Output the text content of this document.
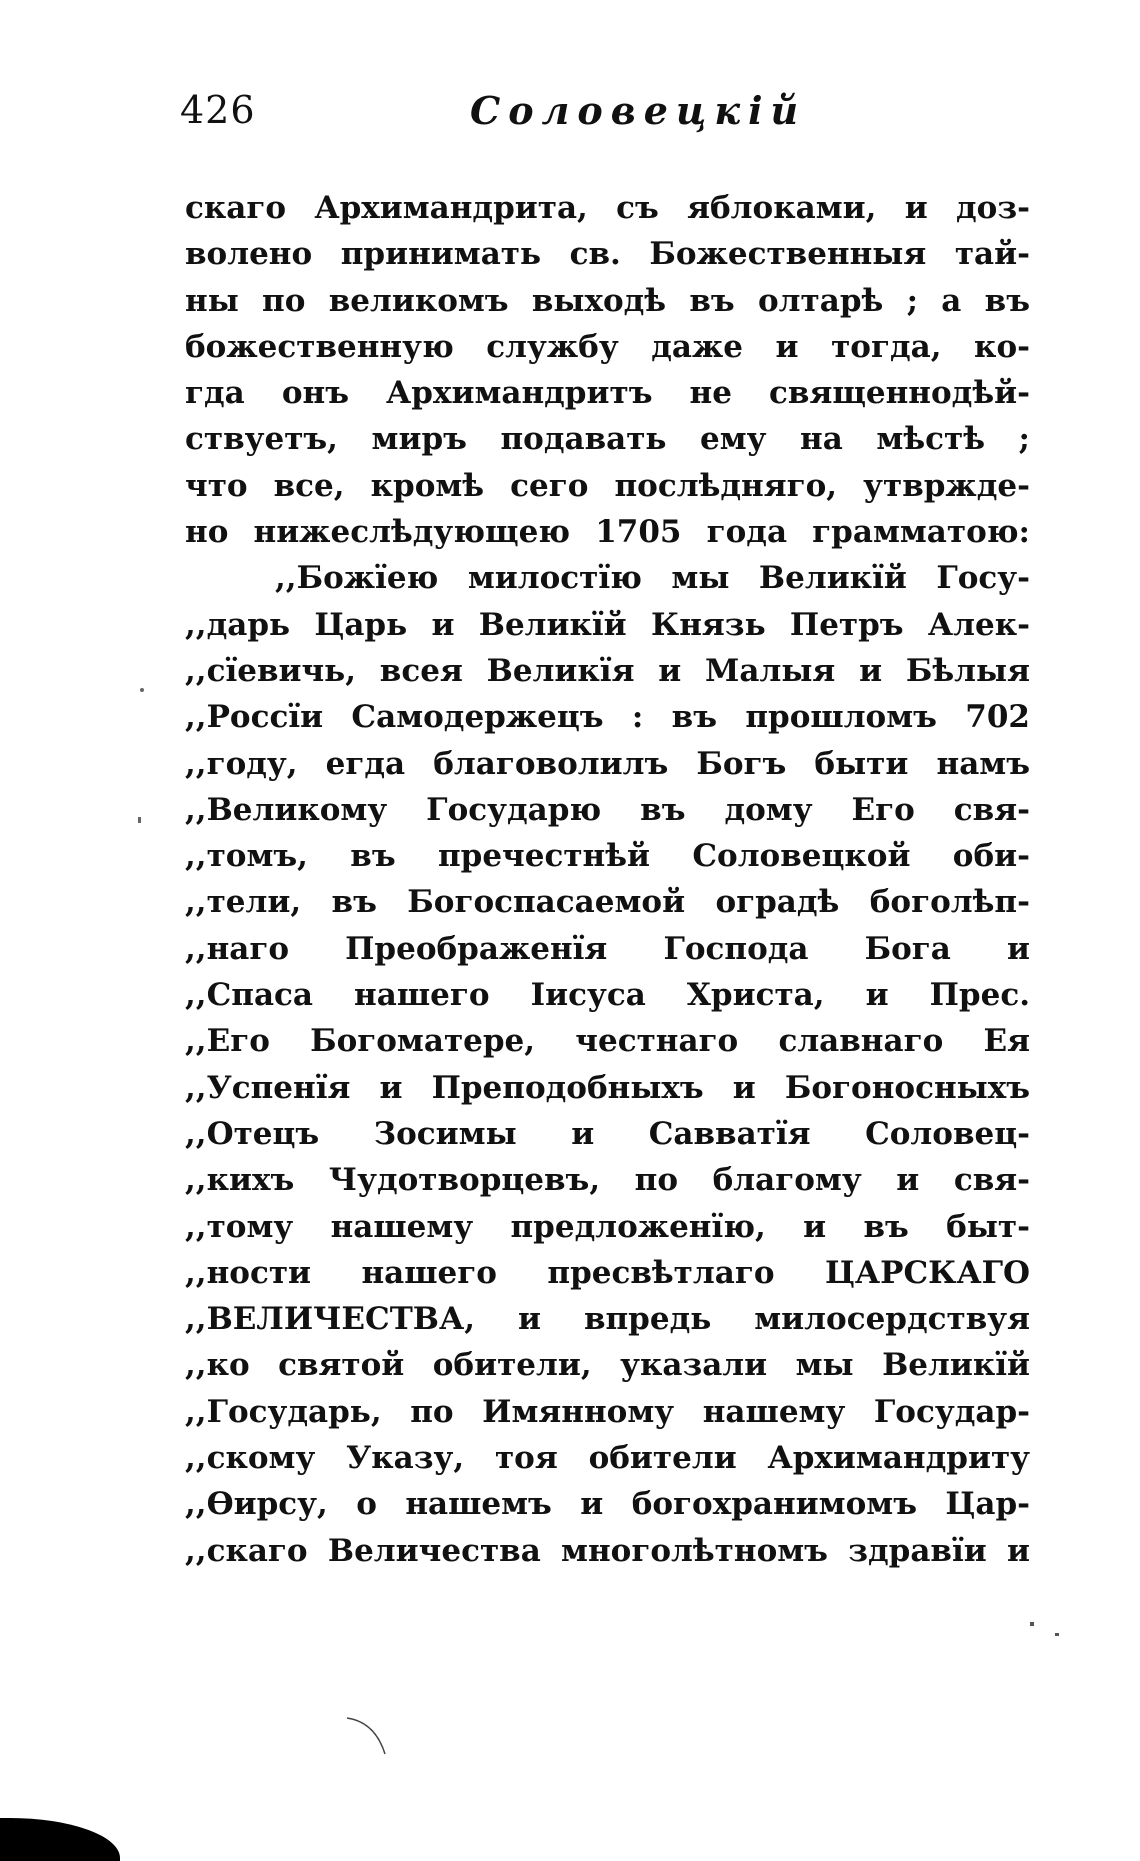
426	Соловецкій
скаго Архимандрита, съ яблоками, и доз-
волено принимать св. Божественныя тай-
ны по великомъ выходѣ въ олтарѣ ; а въ
божественную службу даже и тогда, ко-
гда онъ Архимандритъ не священнодѣй-
ствуетъ, миръ подавать ему на мѣстѣ ;
что все, кромѣ сего послѣдняго, утвржде-
но нижеслѣдующею 1705 года грамматою:
,,Божїею милостїю мы Великїй Госу-
,,дарь Царь и Великїй Князь Петръ Алек-
,,сїевичь, всея Великїя и Малыя и Бѣлыя
,,Россїи Самодержецъ : въ прошломъ 702
,,году, егда благоволилъ Богъ быти намъ
,,Великому Государю въ дому Его свя-
,,томъ, въ пречестнѣй Соловецкой оби-
,,тели, въ Богоспасаемой оградѣ боголѣп-
,,наго Преображенїя Господа Бога и
,,Спаса нашего Іисуса Христа, и Прес.
,,Его Богоматере, честнаго славнаго Ея
,,Успенїя и Преподобныхъ и Богоносныхъ
,,Отецъ Зосимы и Савватїя Соловец-
,,кихъ Чудотворцевъ, по благому и свя-
,,тому нашему предложенїю, и въ быт-
,,ности нашего пресвѣтлаго ЦАРСКАГО
,,ВЕЛИЧЕСТВА, и впредь милосердствуя
,,ко святой обители, указали мы Великїй
,,Государь, по Имянному нашему Государ-
,,скому Указу, тоя обители Архимандриту
,,Ѳирсу, о нашемъ и богохранимомъ Цар-
,,скаго Величества многолѣтномъ здравїи и
